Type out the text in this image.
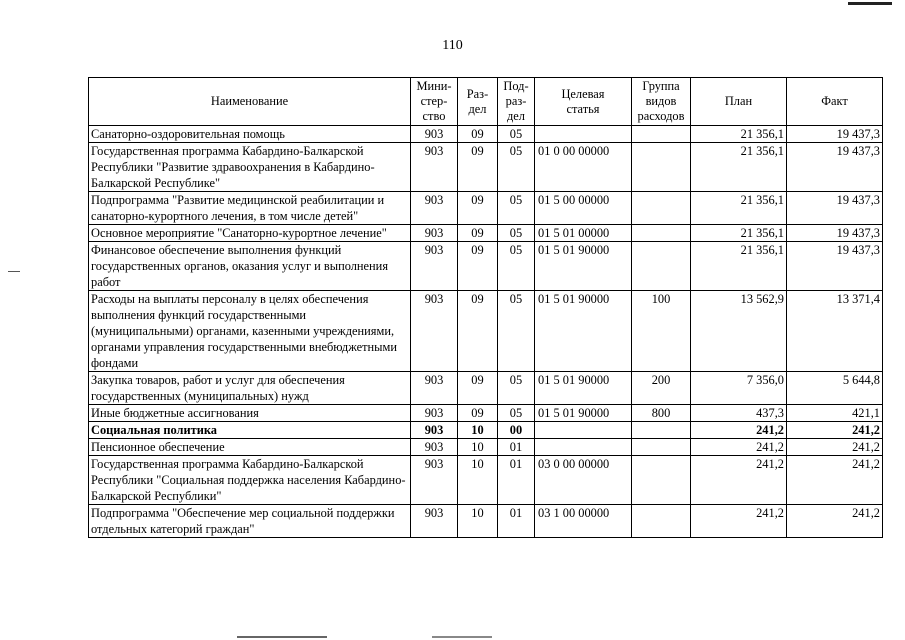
110
Наименование	Мини-
стер-
ство	Раз-
дел	Под-
раз-
дел	Целевая
статья	Группа
видов
расходов	План	Факт
Санаторно-оздоровительная помощь	903	09	05			21 356,1	19 437,3
Государственная программа Кабардино-Балкарской Республики "Развитие здравоохранения в Кабардино-Балкарской Республике"	903	09	05	01 0 00 00000		21 356,1	19 437,3
Подпрограмма "Развитие медицинской реабилитации и санаторно-курортного лечения, в том числе детей"	903	09	05	01 5 00 00000		21 356,1	19 437,3
Основное мероприятие "Санаторно-курортное лечение"	903	09	05	01 5 01 00000		21 356,1	19 437,3
Финансовое обеспечение выполнения функций государственных органов, оказания услуг и выполнения работ	903	09	05	01 5 01 90000		21 356,1	19 437,3
Расходы на выплаты персоналу в целях обеспечения выполнения функций государственными (муниципальными) органами, казенными учреждениями, органами управления государственными внебюджетными фондами	903	09	05	01 5 01 90000	100	13 562,9	13 371,4
Закупка товаров, работ и услуг для обеспечения государственных (муниципальных) нужд	903	09	05	01 5 01 90000	200	7 356,0	5 644,8
Иные бюджетные ассигнования	903	09	05	01 5 01 90000	800	437,3	421,1
Социальная политика	903	10	00			241,2	241,2
Пенсионное обеспечение	903	10	01			241,2	241,2
Государственная программа Кабардино-Балкарской Республики "Социальная поддержка населения Кабардино-Балкарской Республики"	903	10	01	03 0 00 00000		241,2	241,2
Подпрограмма "Обеспечение мер социальной поддержки отдельных категорий граждан"	903	10	01	03 1 00 00000		241,2	241,2
